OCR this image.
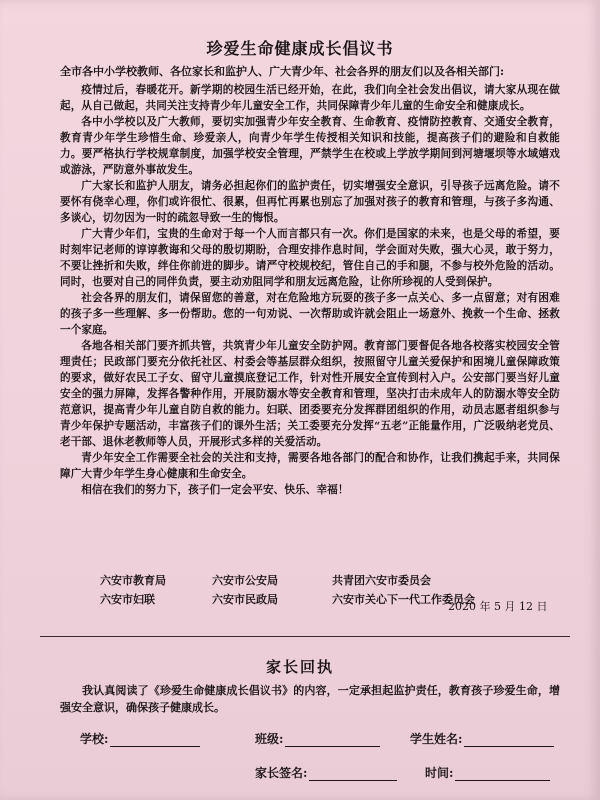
珍爱生命健康成长倡议书
全市各中小学校教师、各位家长和监护人、广大青少年、社会各界的朋友们以及各相关部门:

疫情过后，春暖花开。新学期的校园生活已经开始，在此，我们向全社会发出倡议，请大家从现在做起，从自己做起，共同关注支持青少年儿童安全工作，共同保障青少年儿童的生命安全和健康成长。

各中小学校以及广大教师，要切实加强青少年安全教育、生命教育、疫情防控教育、交通安全教育，教育青少年学生珍惜生命、珍爱亲人，向青少年学生传授相关知识和技能，提高孩子们的避险和自救能力。要严格执行学校规章制度，加强学校安全管理，严禁学生在校或上学放学期间到河塘堰坝等水域嬉戏或游泳，严防意外事故发生。

广大家长和监护人朋友，请务必担起你们的监护责任，切实增强安全意识，引导孩子远离危险。请不要怀有侥幸心理，你们或许很忙、很累，但再忙再累也别忘了加强对孩子的教育和管理，与孩子多沟通、多谈心，切勿因为一时的疏忽导致一生的悔恨。

广大青少年们，宝贵的生命对于每一个人而言都只有一次。你们是国家的未来，也是父母的希望，要时刻牢记老师的谆谆教诲和父母的殷切期盼，合理安排作息时间，学会面对失败，强大心灵，敢于努力，不要让挫折和失败，绊住你前进的脚步。请严守校规校纪，管住自己的手和腿，不参与校外危险的活动。同时，也要对自己的同伴负责，要主动劝阻同学和朋友远离危险，让你所珍视的人受到保护。

社会各界的朋友们，请保留您的善意，对在危险地方玩耍的孩子多一点关心、多一点留意；对有困难的孩子多一些理解、多一份帮助。您的一句劝说、一次帮助或许就会阻止一场意外、挽救一个生命、拯救一个家庭。

各地各相关部门要齐抓共管，共筑青少年儿童安全防护网。教育部门要督促各地各校落实校园安全管理责任；民政部门要充分依托社区、村委会等基层群众组织，按照留守儿童关爱保护和困境儿童保障政策的要求，做好农民工子女、留守儿童摸底登记工作，针对性开展安全宣传到村入户。公安部门要当好儿童安全的强力屏障，发挥各警种作用，开展防溺水等安全教育和管理，坚决打击未成年人的防溺水等安全防范意识，提高青少年儿童自防自救的能力。妇联、团委要充分发挥群团组织的作用，动员志愿者组织参与青少年保护专题活动，丰富孩子们的课外生活；关工委要充分发挥“五老”正能量作用，广泛吸纳老党员、老干部、退休老教师等人员，开展形式多样的关爱活动。

青少年安全工作需要全社会的关注和支持，需要各地各部门的配合和协作，让我们携起手来，共同保障广大青少年学生身心健康和生命安全。

相信在我们的努力下，孩子们一定会平安、快乐、幸福！

六安市教育局	六安市公安局	共青团六安市委员会
六安市妇联	六安市民政局	六安市关心下一代工作委员会
2020 年 5 月 12 日
家长回执
我认真阅读了《珍爱生命健康成长倡议书》的内容，一定承担起监护责任，教育孩子珍爱生命，增强安全意识，确保孩子健康成长。
学校:	班级:	学生姓名:
家长签名:	时间:
